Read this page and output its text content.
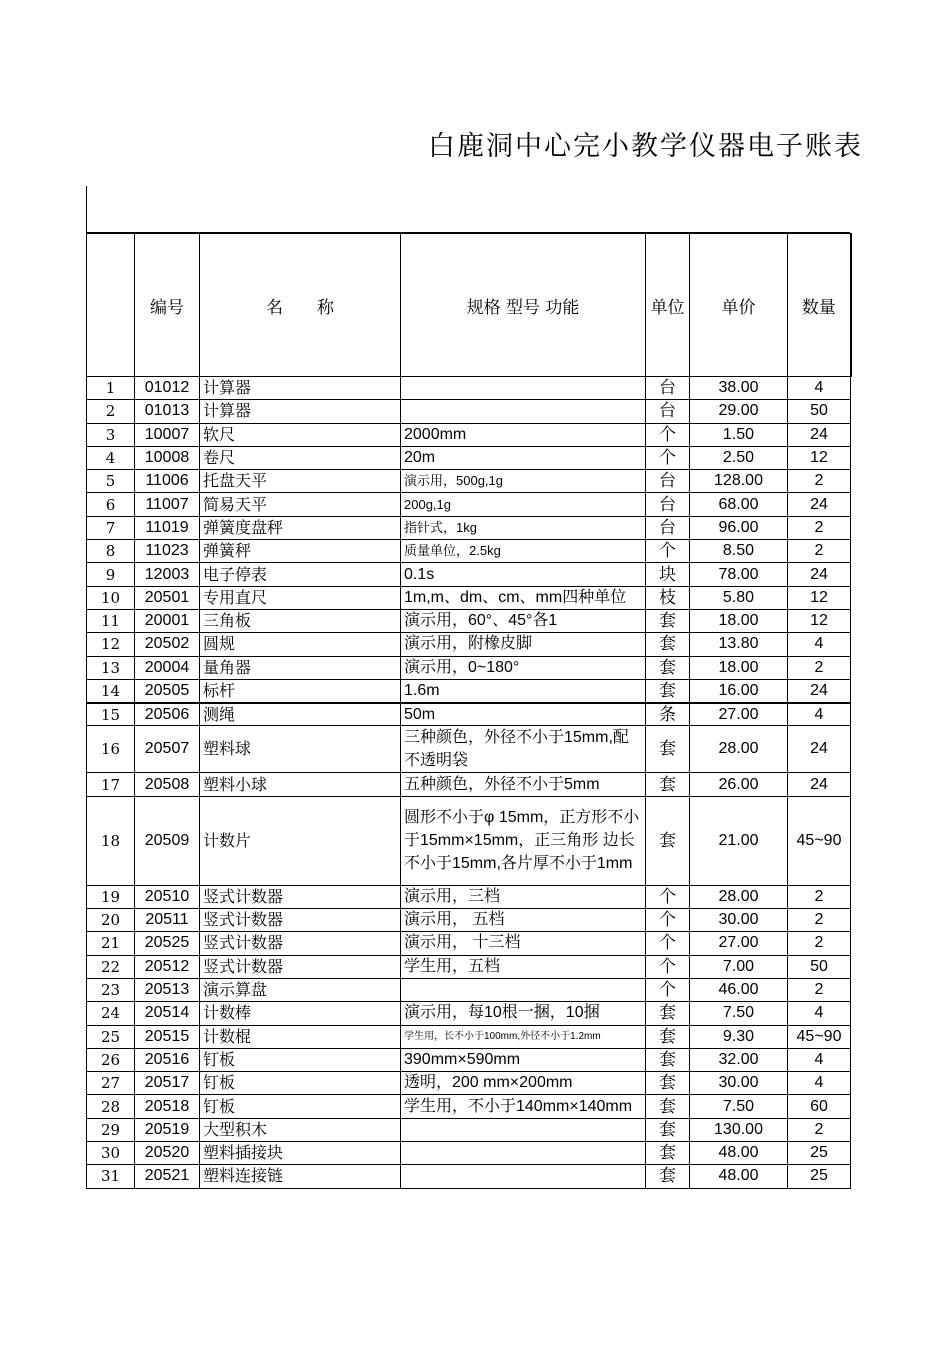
白鹿洞中心完小教学仪器电子账表
	编号	名　　称	规格 型号 功能	单位	单价	数量
1	01012	计算器		台	38.00	4
2	01013	计算器		台	29.00	50
3	10007	软尺	2000mm	个	1.50	24
4	10008	卷尺	20m	个	2.50	12
5	11006	托盘天平	演示用，500g,1g	台	128.00	2
6	11007	简易天平	200g,1g	台	68.00	24
7	11019	弹簧度盘秤	指针式，1kg	台	96.00	2
8	11023	弹簧秤	质量单位，2.5kg	个	8.50	2
9	12003	电子停表	0.1s	块	78.00	24
10	20501	专用直尺	1m,m、dm、cm、mm四种单位	枝	5.80	12
11	20001	三角板	演示用，60°、45°各1	套	18.00	12
12	20502	圆规	演示用，附橡皮脚	套	13.80	4
13	20004	量角器	演示用，0~180°	套	18.00	2
14	20505	标杆	1.6m	套	16.00	24
15	20506	测绳	50m	条	27.00	4
16	20507	塑料球	三种颜色，外径不小于15mm,配不透明袋	套	28.00	24
17	20508	塑料小球	五种颜色，外径不小于5mm	套	26.00	24
18	20509	计数片	圆形不小于φ 15mm，正方形不小于15mm×15mm，正三角形 边长不小于15mm,各片厚不小于1mm	套	21.00	45~90
19	20510	竖式计数器	演示用，三档	个	28.00	2
20	20511	竖式计数器	演示用， 五档	个	30.00	2
21	20525	竖式计数器	演示用， 十三档	个	27.00	2
22	20512	竖式计数器	学生用，五档	个	7.00	50
23	20513	演示算盘		个	46.00	2
24	20514	计数棒	演示用，每10根一捆，10捆	套	7.50	4
25	20515	计数棍	学生用，长不小于100mm,外径不小于1.2mm	套	9.30	45~90
26	20516	钉板	390mm×590mm	套	32.00	4
27	20517	钉板	透明，200 mm×200mm	套	30.00	4
28	20518	钉板	学生用，不小于140mm×140mm	套	7.50	60
29	20519	大型积木		套	130.00	2
30	20520	塑料插接块		套	48.00	25
31	20521	塑料连接链		套	48.00	25
